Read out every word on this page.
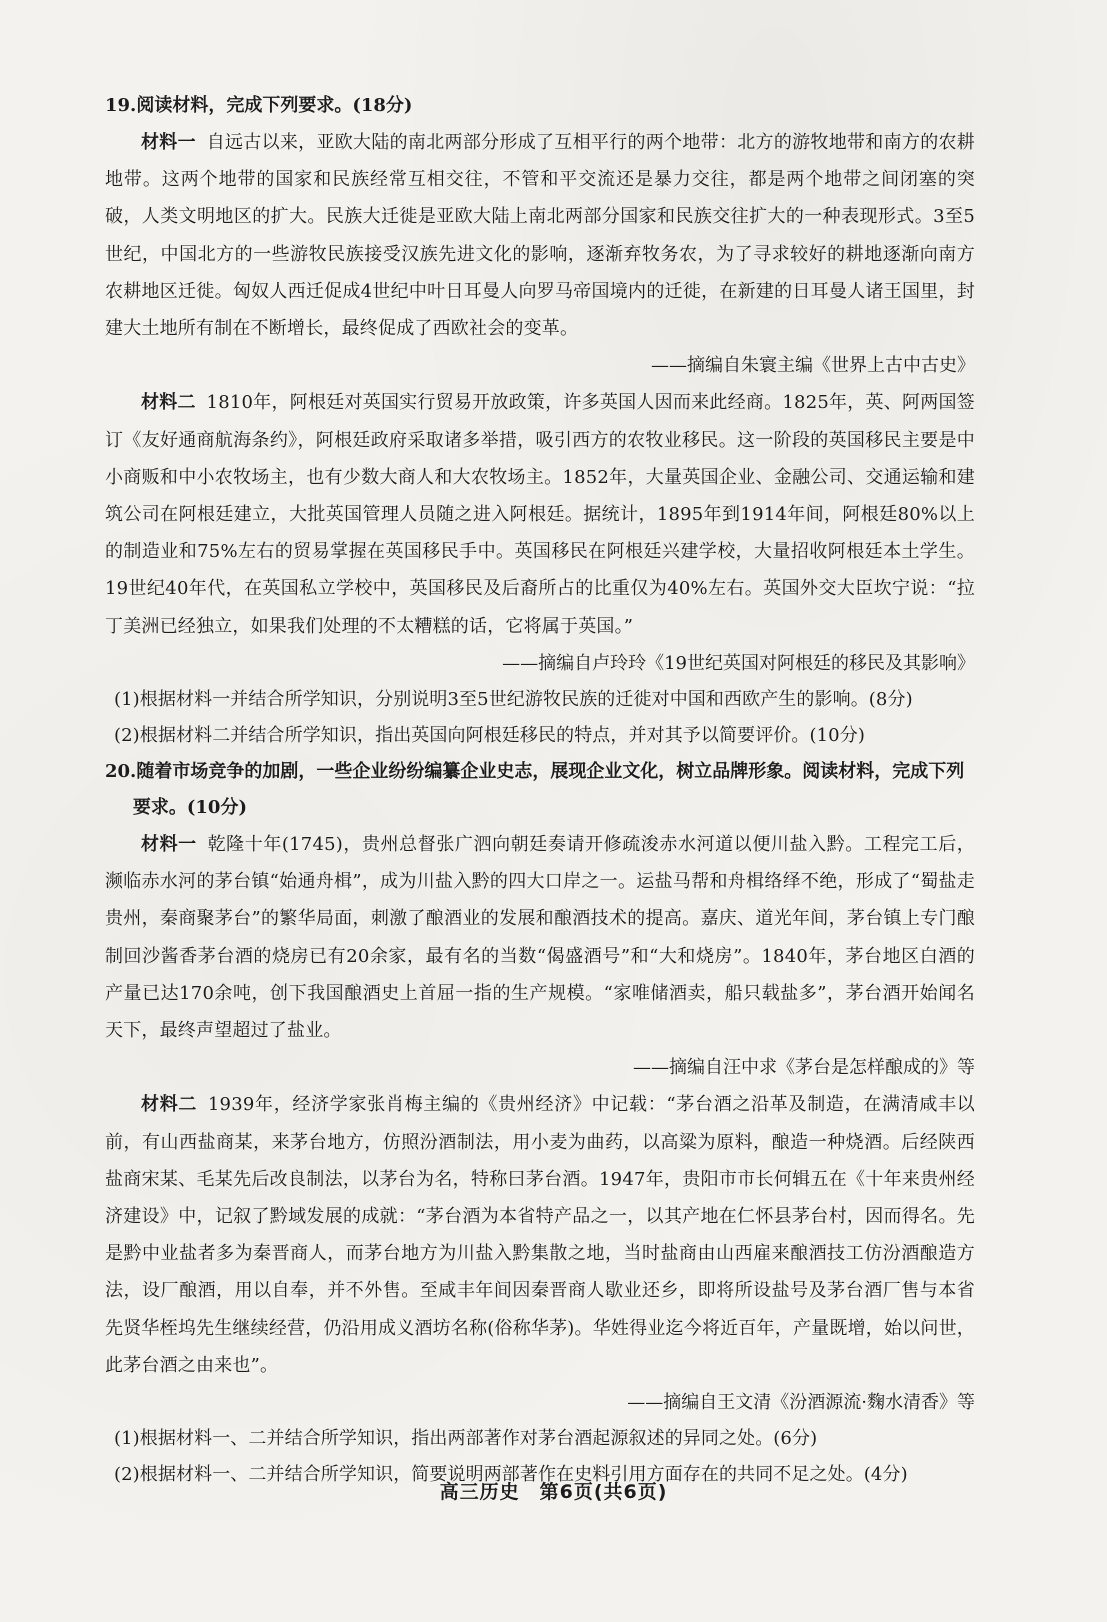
19.阅读材料，完成下列要求。(18分)

材料一 自远古以来，亚欧大陆的南北两部分形成了互相平行的两个地带：北方的游牧地带和南方的农耕地带。这两个地带的国家和民族经常互相交往，不管和平交流还是暴力交往，都是两个地带之间闭塞的突破，人类文明地区的扩大。民族大迁徙是亚欧大陆上南北两部分国家和民族交往扩大的一种表现形式。3至5世纪，中国北方的一些游牧民族接受汉族先进文化的影响，逐渐弃牧务农，为了寻求较好的耕地逐渐向南方农耕地区迁徙。匈奴人西迁促成4世纪中叶日耳曼人向罗马帝国境内的迁徙，在新建的日耳曼人诸王国里，封建大土地所有制在不断增长，最终促成了西欧社会的变革。

——摘编自朱寰主编《世界上古中古史》

材料二 1810年，阿根廷对英国实行贸易开放政策，许多英国人因而来此经商。1825年，英、阿两国签订《友好通商航海条约》，阿根廷政府采取诸多举措，吸引西方的农牧业移民。这一阶段的英国移民主要是中小商贩和中小农牧场主，也有少数大商人和大农牧场主。1852年，大量英国企业、金融公司、交通运输和建筑公司在阿根廷建立，大批英国管理人员随之进入阿根廷。据统计，1895年到1914年间，阿根廷80%以上的制造业和75%左右的贸易掌握在英国移民手中。英国移民在阿根廷兴建学校，大量招收阿根廷本土学生。19世纪40年代，在英国私立学校中，英国移民及后裔所占的比重仅为40%左右。英国外交大臣坎宁说：“拉丁美洲已经独立，如果我们处理的不太糟糕的话，它将属于英国。”

——摘编自卢玲玲《19世纪英国对阿根廷的移民及其影响》

(1)根据材料一并结合所学知识，分别说明3至5世纪游牧民族的迁徙对中国和西欧产生的影响。(8分)

(2)根据材料二并结合所学知识，指出英国向阿根廷移民的特点，并对其予以简要评价。(10分)

20.随着市场竞争的加剧，一些企业纷纷编纂企业史志，展现企业文化，树立品牌形象。阅读材料，完成下列要求。(10分)

材料一 乾隆十年(1745)，贵州总督张广泗向朝廷奏请开修疏浚赤水河道以便川盐入黔。工程完工后，濒临赤水河的茅台镇“始通舟楫”，成为川盐入黔的四大口岸之一。运盐马帮和舟楫络绎不绝，形成了“蜀盐走贵州，秦商聚茅台”的繁华局面，刺激了酿酒业的发展和酿酒技术的提高。嘉庆、道光年间，茅台镇上专门酿制回沙酱香茅台酒的烧房已有20余家，最有名的当数“偈盛酒号”和“大和烧房”。1840年，茅台地区白酒的产量已达170余吨，创下我国酿酒史上首屈一指的生产规模。“家唯储酒卖，船只载盐多”，茅台酒开始闻名天下，最终声望超过了盐业。

——摘编自汪中求《茅台是怎样酿成的》等

材料二 1939年，经济学家张肖梅主编的《贵州经济》中记载：“茅台酒之沿革及制造，在满清咸丰以前，有山西盐商某，来茅台地方，仿照汾酒制法，用小麦为曲药，以高粱为原料，酿造一种烧酒。后经陕西盐商宋某、毛某先后改良制法，以茅台为名，特称曰茅台酒。1947年，贵阳市市长何辑五在《十年来贵州经济建设》中，记叙了黔域发展的成就：“茅台酒为本省特产品之一，以其产地在仁怀县茅台村，因而得名。先是黔中业盐者多为秦晋商人，而茅台地方为川盐入黔集散之地，当时盐商由山西雇来酿酒技工仿汾酒酿造方法，设厂酿酒，用以自奉，并不外售。至咸丰年间因秦晋商人歇业还乡，即将所设盐号及茅台酒厂售与本省先贤华桎坞先生继续经营，仍沿用成义酒坊名称(俗称华茅)。华姓得业迄今将近百年，产量既增，始以问世，此茅台酒之由来也”。

——摘编自王文清《汾酒源流·麴水清香》等

(1)根据材料一、二并结合所学知识，指出两部著作对茅台酒起源叙述的异同之处。(6分)

(2)根据材料一、二并结合所学知识，简要说明两部著作在史料引用方面存在的共同不足之处。(4分)

高三历史　第6页(共6页)
